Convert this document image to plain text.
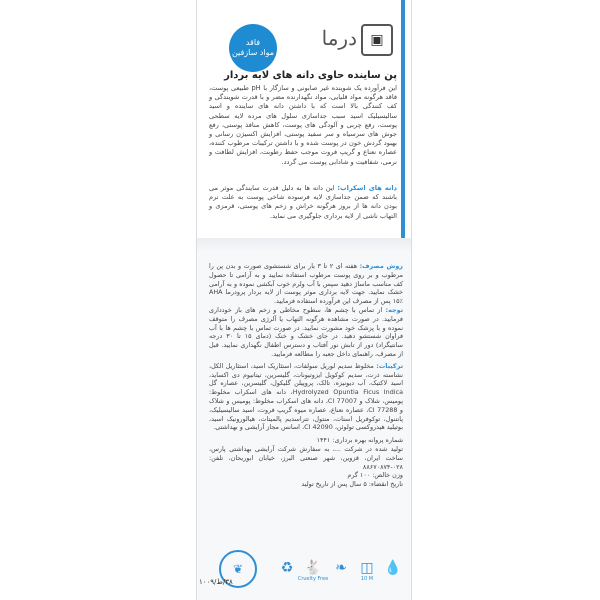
فاقد
مواد سازفین
درما ▣
پن ساینده حاوی دانه های لایه بردار
این فرآورده یک شوینده غیر صابونی و سازگار با pH طبیعی پوست، فاقد هرگونه مواد قلیایی، مواد نگهدارنده مضر و با قدرت شویندگی و کف کنندگی بالا است که با داشتن دانه های ساینده و اسید سالیسیلیک اسید سبب جداسازی سلول های مرده لایه سطحی پوست، رفع چربی و آلودگی های پوست، کاهش منافذ پوستی، رفع جوش های سرسیاه و سر سفید پوستی، افزایش اکسیژن رسانی و بهبود گردش خون در پوست شده و با داشتن ترکیبات مرطوب کننده، عصاره نعناع و گریپ فروت موجب حفظ رطوبت، افزایش لطافت و نرمی، شفافیت و شادابی پوست می گردد.
دانه های اسکراب: این دانه ها به دلیل قدرت سایندگی موثر می باشند که ضمن جداسازی لایه فرسوده شاخی پوست به علت نرم بودن دانه ها از بروز هرگونه خراش و زخم های پوستی، قرمزی و التهاب ناشی از لایه برداری جلوگیری می نماید.
روش مصرف: هفته ای ۲ تا ۳ بار برای شستشوی صورت و بدن پن را مرطوب و بر روی پوست مرطوب استفاده نمایید و به آرامی تا حصول کف مناسب ماساژ دهید سپس با آب ولرم خوب آبکشی نموده و به آرامی خشک نمایید. جهت لایه برداری موثر پوست از لایه بردار پرودرما AHA ۱۵٪ پس از مصرف این فرآورده استفاده فرمایید.
توجه: از تماس با چشم ها، سطوح مخاطی و زخم های باز خودداری فرمایید. در صورت مشاهده هرگونه التهاب یا آلرژی مصرف را متوقف نموده و با پزشک خود مشورت نمایید. در صورت تماس با چشم ها با آب فراوان شستشو دهید. در جای خشک و خنک (دمای ۱۵ تا ۳۰ درجه سانتیگراد) دور از تابش نور آفتاب و دسترس اطفال نگهداری نمایید. قبل از مصرف، راهنمای داخل جعبه را مطالعه فرمایید.
ترکیبات: مخلوط سدیم لوریل سولفات، استئاریک اسید، استئاریل الکل، نشاسته ذرت، سدیم کوکویل ایزوتیونات، گلیسرین، تیتانیوم دی اکساید، اسید لاکتیک، آب دیونیزه، تالک، پروپیلن گلیکول، گلیسرین، عصاره گل Hydrolyzed Opuntia Ficus Indica، دانه های اسکراب مخلوط: پومیس، شلاک و CI 77007، دانه های اسکراب مخلوط: پومیس و شلاک و CI 77288، عصاره نعناع، عصاره میوه گریپ فروت، اسید سالیسیلیک، پانتنول، توکوفریل استات، منتول، تتراسدیم پالمیتات، هیالورونیک اسید، بوتیلید هیدروکسی تولوئن، CI 42090، اسانس مجاز آرایشی و بهداشتی.
شماره پروانه بهره برداری: ۱۴۴۱
تولید شده در شرکت ...، به سفارش شرکت آرایشی بهداشتی پارس، ساخت ایران، قزوین، شهر صنعتی البرز، خیابان ابوریحان، تلفن: ۰۲۸-۸۸۶۷۰۸۷۴
وزن خالص: ۱۰۰ گرم
تاریخ انقضاء: ۵ سال پس از تاریخ تولید
❦	♻ 🐇
Cruelty Free
❧ ◫
10 M
💧
۳۸/ط/۱۰۰۹
